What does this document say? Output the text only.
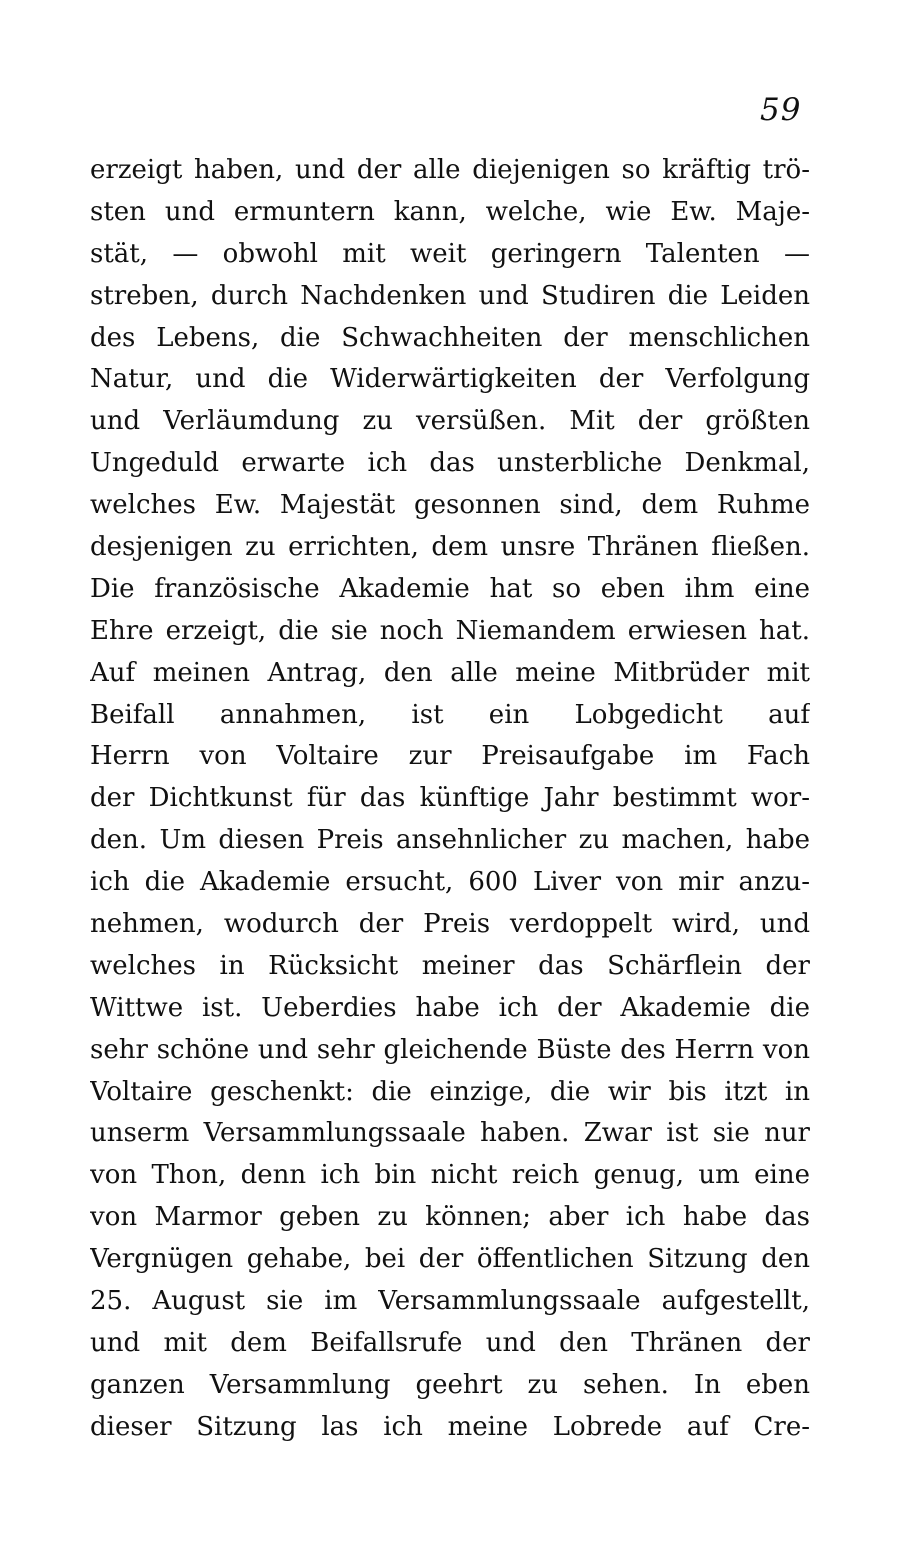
59
erzeigt haben, und der alle diejenigen so kräftig trö-
sten und ermuntern kann, welche, wie Ew. Maje-
stät, — obwohl mit weit geringern Talenten —
streben, durch Nachdenken und Studiren die Leiden
des Lebens, die Schwachheiten der menschlichen
Natur, und die Widerwärtigkeiten der Verfolgung
und Verläumdung zu versüßen. Mit der größten
Ungeduld erwarte ich das unsterbliche Denkmal,
welches Ew. Majestät gesonnen sind, dem Ruhme
desjenigen zu errichten, dem unsre Thränen fließen.
Die französische Akademie hat so eben ihm eine
Ehre erzeigt, die sie noch Niemandem erwiesen hat.
Auf meinen Antrag, den alle meine Mitbrüder mit
Beifall annahmen, ist ein Lobgedicht auf
Herrn von Voltaire zur Preisaufgabe im Fach
der Dichtkunst für das künftige Jahr bestimmt wor-
den. Um diesen Preis ansehnlicher zu machen, habe
ich die Akademie ersucht, 600 Liver von mir anzu-
nehmen, wodurch der Preis verdoppelt wird, und
welches in Rücksicht meiner das Schärflein der
Wittwe ist. Ueberdies habe ich der Akademie die
sehr schöne und sehr gleichende Büste des Herrn von
Voltaire geschenkt: die einzige, die wir bis itzt in
unserm Versammlungssaale haben. Zwar ist sie nur
von Thon, denn ich bin nicht reich genug, um eine
von Marmor geben zu können; aber ich habe das
Vergnügen gehabe, bei der öffentlichen Sitzung den
25. August sie im Versammlungssaale aufgestellt,
und mit dem Beifallsrufe und den Thränen der
ganzen Versammlung geehrt zu sehen. In eben
dieser Sitzung las ich meine Lobrede auf Cre-
